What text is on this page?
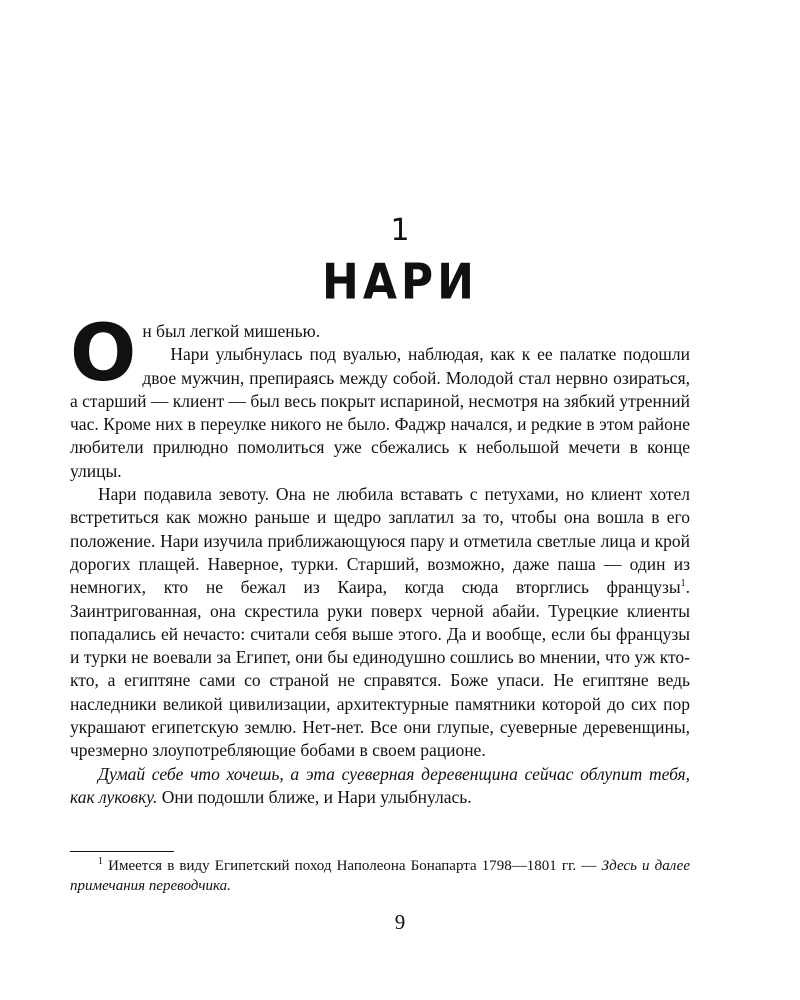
1
НАРИ

Он был легкой мишенью.

Нари улыбнулась под вуалью, наблюдая, как к ее палатке подошли двое мужчин, препираясь между собой. Молодой стал нервно озираться, а старший — клиент — был весь покрыт испариной, несмотря на зябкий утренний час. Кроме них в переулке никого не было. Фаджр начался, и редкие в этом районе любители прилюдно помолиться уже сбежались к небольшой мечети в конце улицы.

Нари подавила зевоту. Она не любила вставать с петухами, но клиент хотел встретиться как можно раньше и щедро заплатил за то, чтобы она вошла в его положение. Нари изучила приближающуюся пару и отметила светлые лица и крой дорогих плащей. Наверное, турки. Старший, возможно, даже паша — один из немногих, кто не бежал из Каира, когда сюда вторглись французы$^1$. Заинтригованная, она скрестила руки поверх черной абайи. Турецкие клиенты попадались ей нечасто: считали себя выше этого. Да и вообще, если бы французы и турки не воевали за Египет, они бы единодушно сошлись во мнении, что уж кто-кто, а египтяне сами со страной не справятся. Боже упаси. Не египтяне ведь наследники великой цивилизации, архитектурные памятники которой до сих пор украшают египетскую землю. Нет-нет. Все они глупые, суеверные деревенщины, чрезмерно злоупотребляющие бобами в своем рационе.

Думай себе что хочешь, а эта суеверная деревенщина сейчас облупит тебя, как луковку. Они подошли ближе, и Нари улыбнулась.

$^1$ Имеется в виду Египетский поход Наполеона Бонапарта 1798—1801 гг. — Здесь и далее примечания переводчика.

9
